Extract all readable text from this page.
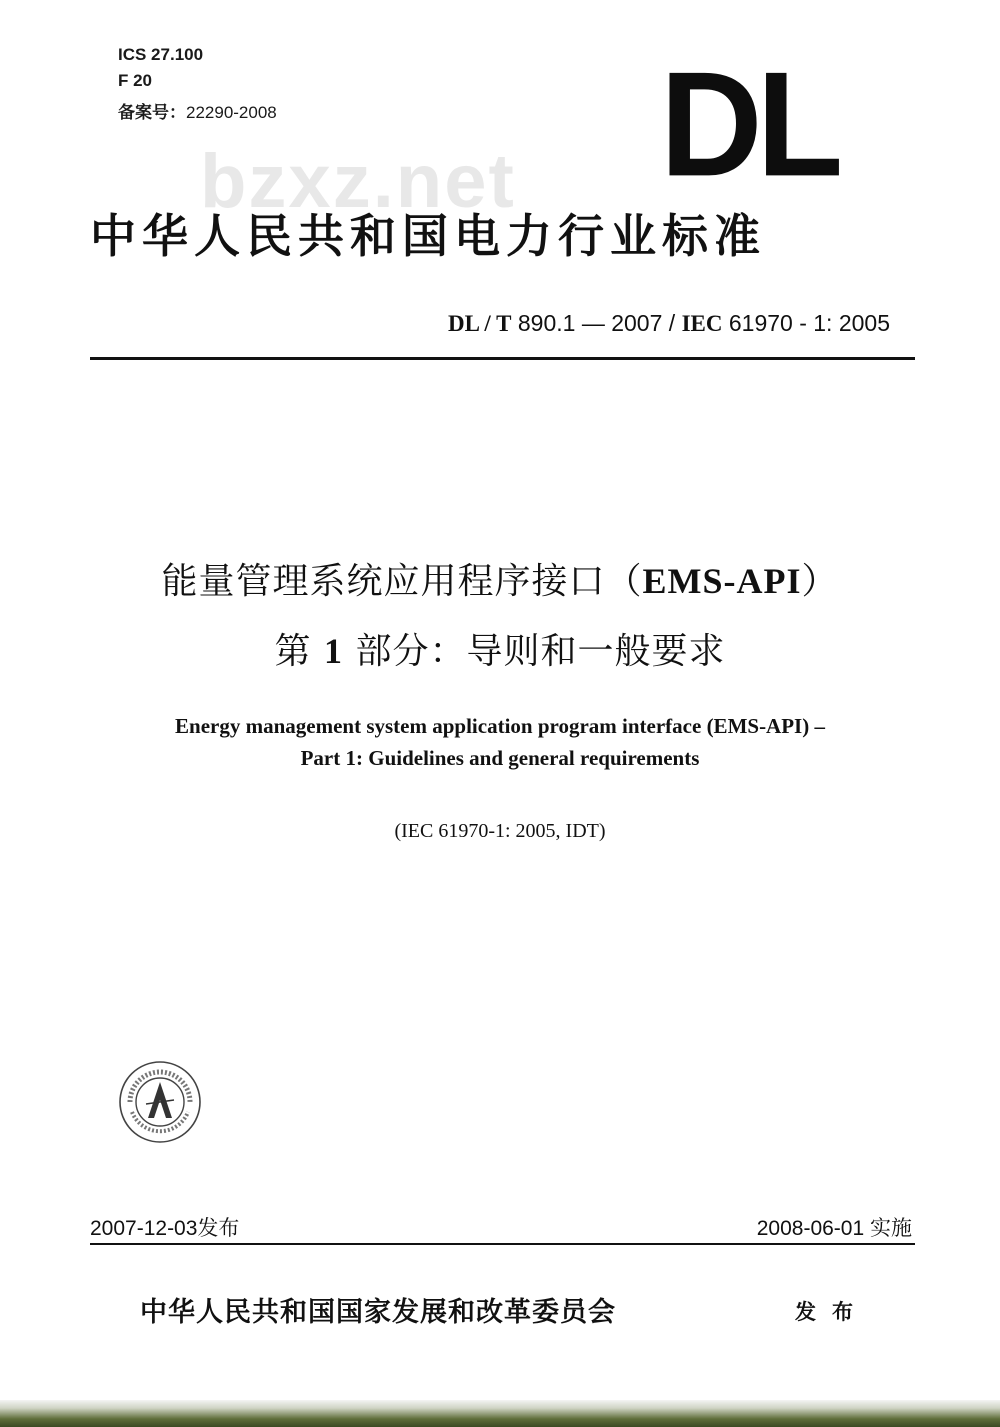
ICS 27.100
F 20
备案号：22290-2008
bzxz.net DL
中华人民共和国电力行业标准
DL / T 890.1 — 2007 / IEC 61970 - 1: 2005
能量管理系统应用程序接口（EMS-API）
第 1 部分：导则和一般要求
Energy management system application program interface (EMS-API) –
Part 1: Guidelines and general requirements
(IEC 61970-1: 2005, IDT)
2007-12-03发布	2008-06-01 实施
中华人民共和国国家发展和改革委员会	发布
